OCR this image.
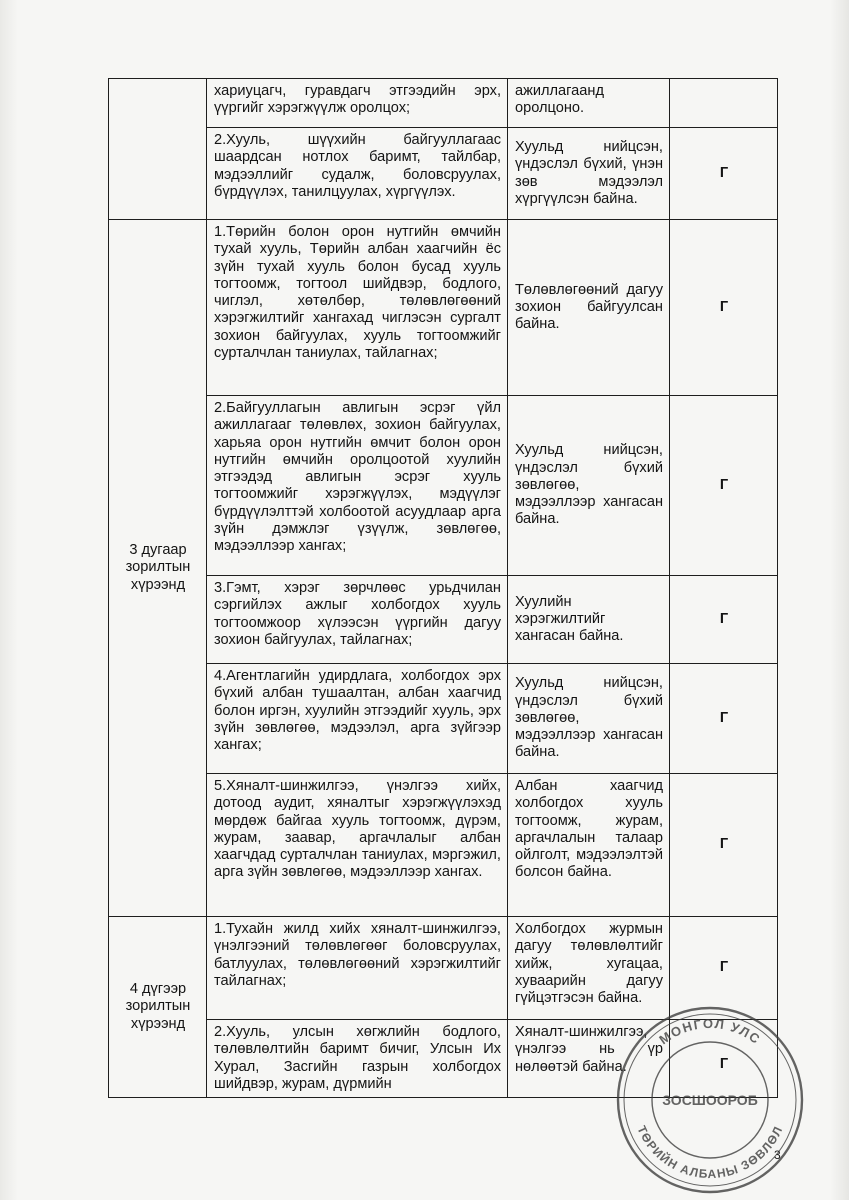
	хариуцагч, гуравдагч этгээдийн эрх, үүргийг хэрэгжүүлж оролцох;	ажиллагаанд оролцоно.	

	2.Хууль, шүүхийн байгууллагаас шаардсан нотлох баримт, тайлбар, мэдээллийг судалж, боловсруулах, бүрдүүлэх, танилцуулах, хүргүүлэх.	Хуульд нийцсэн, үндэслэл бүхий, үнэн зөв мэдээлэл хүргүүлсэн байна.	Г
3 дугаар зорилтын хүрээнд	1.Төрийн болон орон нутгийн өмчийн тухай хууль, Төрийн албан хаагчийн ёс зүйн тухай хууль болон бусад хууль тогтоомж, тогтоол шийдвэр, бодлого, чиглэл, хөтөлбөр, төлөвлөгөөний хэрэгжилтийг хангахад чиглэсэн сургалт зохион байгуулах, хууль тогтоомжийг сурталчлан таниулах, тайлагнах;	Төлөвлөгөөний дагуу зохион байгуулсан байна.	Г

	2.Байгууллагын авлигын эсрэг үйл ажиллагааг төлөвлөх, зохион байгуулах, харьяа орон нутгийн өмчит болон орон нутгийн өмчийн оролцоотой хуулийн этгээдэд авлигын эсрэг хууль тогтоомжийг хэрэгжүүлэх, мэдүүлэг бүрдүүлэлттэй холбоотой асуудлаар арга зүйн дэмжлэг үзүүлж, зөвлөгөө, мэдээллээр хангах;	Хуульд нийцсэн, үндэслэл бүхий зөвлөгөө, мэдээллээр хангасан байна.	Г

	3.Гэмт, хэрэг зөрчлөөс урьдчилан сэргийлэх ажлыг холбогдох хууль тогтоомжоор хүлээсэн үүргийн дагуу зохион байгуулах, тайлагнах;	Хуулийн хэрэгжилтийг хангасан байна.	Г

	4.Агентлагийн удирдлага, холбогдох эрх бүхий албан тушаалтан, албан хаагчид болон иргэн, хуулийн этгээдийг хууль, эрх зүйн зөвлөгөө, мэдээлэл, арга зүйгээр хангах;	Хуульд нийцсэн, үндэслэл бүхий зөвлөгөө, мэдээллээр хангасан байна.	Г

	5.Хяналт-шинжилгээ, үнэлгээ хийх, дотоод аудит, хяналтыг хэрэгжүүлэхэд мөрдөж байгаа хууль тогтоомж, дүрэм, журам, заавар, аргачлалыг албан хаагчдад сурталчлан таниулах, мэргэжил, арга зүйн зөвлөгөө, мэдээллээр хангах.	Албан хаагчид холбогдох хууль тогтоомж, журам, аргачлалын талаар ойлголт, мэдээлэлтэй болсон байна.	Г
4 дүгээр зорилтын хүрээнд	1.Тухайн жилд хийх хяналт-шинжилгээ, үнэлгээний төлөвлөгөөг боловсруулах, батлуулах, төлөвлөгөөний хэрэгжилтийг тайлагнах;	Холбогдох журмын дагуу төлөвлөлтийг хийж, хугацаа, хуваарийн дагуу гүйцэтгэсэн байна.	Г

	2.Хууль, улсын хөгжлийн бодлого, төлөвлөлтийн баримт бичиг, Улсын Их Хурал, Засгийн газрын холбогдох шийдвэр, журам, дүрмийн	Хяналт-шинжилгээ, үнэлгээ нь үр нөлөөтэй байна.	Г
МОНГОЛ УЛС
ЗОСШООРОБ
ТӨРИЙН АЛБАНЫ ЗӨВЛӨЛ
3
